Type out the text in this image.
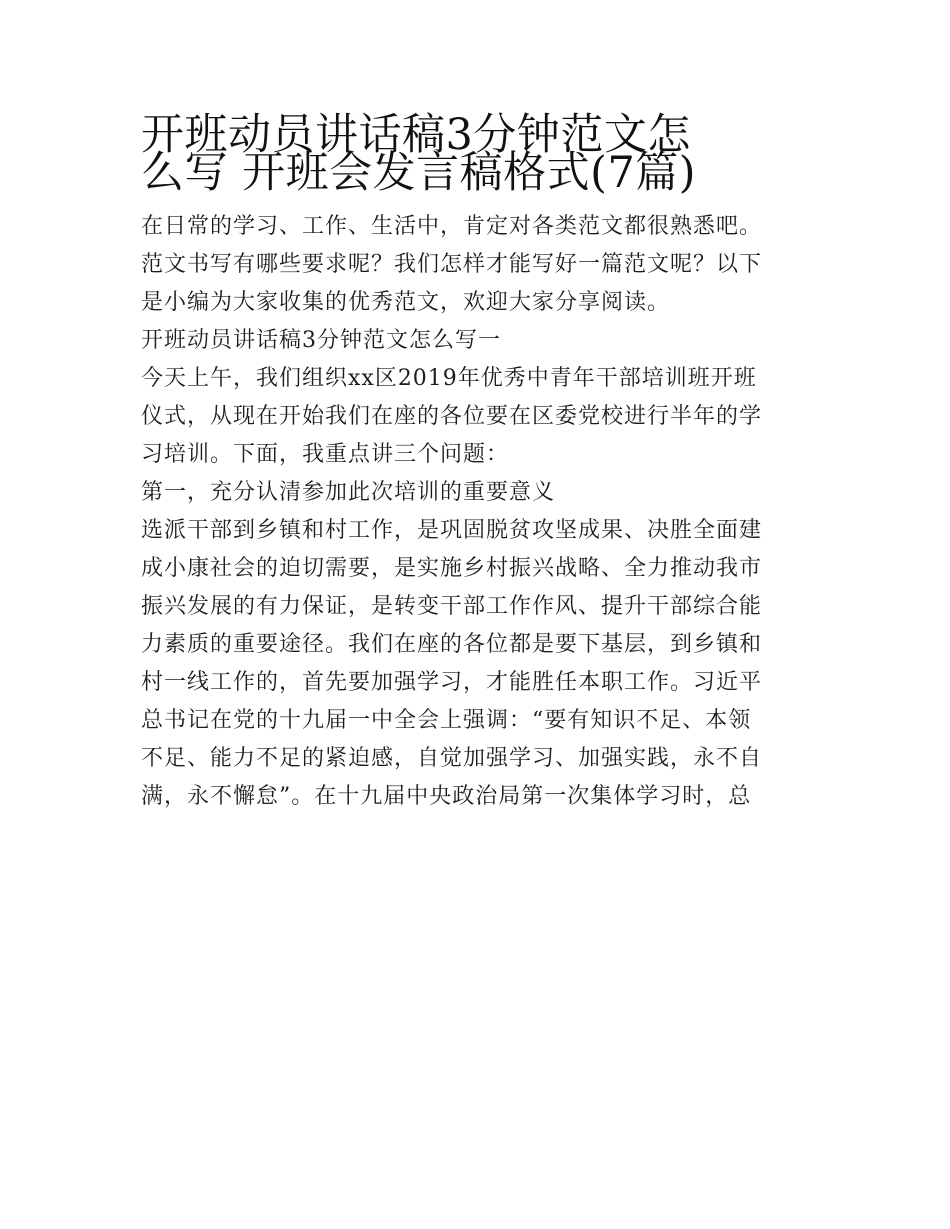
开班动员讲话稿3分钟范文怎
么写 开班会发言稿格式(7篇)

在日常的学习、工作、生活中，肯定对各类范文都很熟悉吧。
范文书写有哪些要求呢？我们怎样才能写好一篇范文呢？以下
是小编为大家收集的优秀范文，欢迎大家分享阅读。

开班动员讲话稿3分钟范文怎么写一

今天上午，我们组织xx区2019年优秀中青年干部培训班开班
仪式，从现在开始我们在座的各位要在区委党校进行半年的学
习培训。下面，我重点讲三个问题：

第一，充分认清参加此次培训的重要意义

选派干部到乡镇和村工作，是巩固脱贫攻坚成果、决胜全面建
成小康社会的迫切需要，是实施乡村振兴战略、全力推动我市
振兴发展的有力保证，是转变干部工作作风、提升干部综合能
力素质的重要途径。我们在座的各位都是要下基层，到乡镇和
村一线工作的，首先要加强学习，才能胜任本职工作。习近平
总书记在党的十九届一中全会上强调：“要有知识不足、本领
不足、能力不足的紧迫感，自觉加强学习、加强实践，永不自
满，永不懈怠”。在十九届中央政治局第一次集体学习时，总
